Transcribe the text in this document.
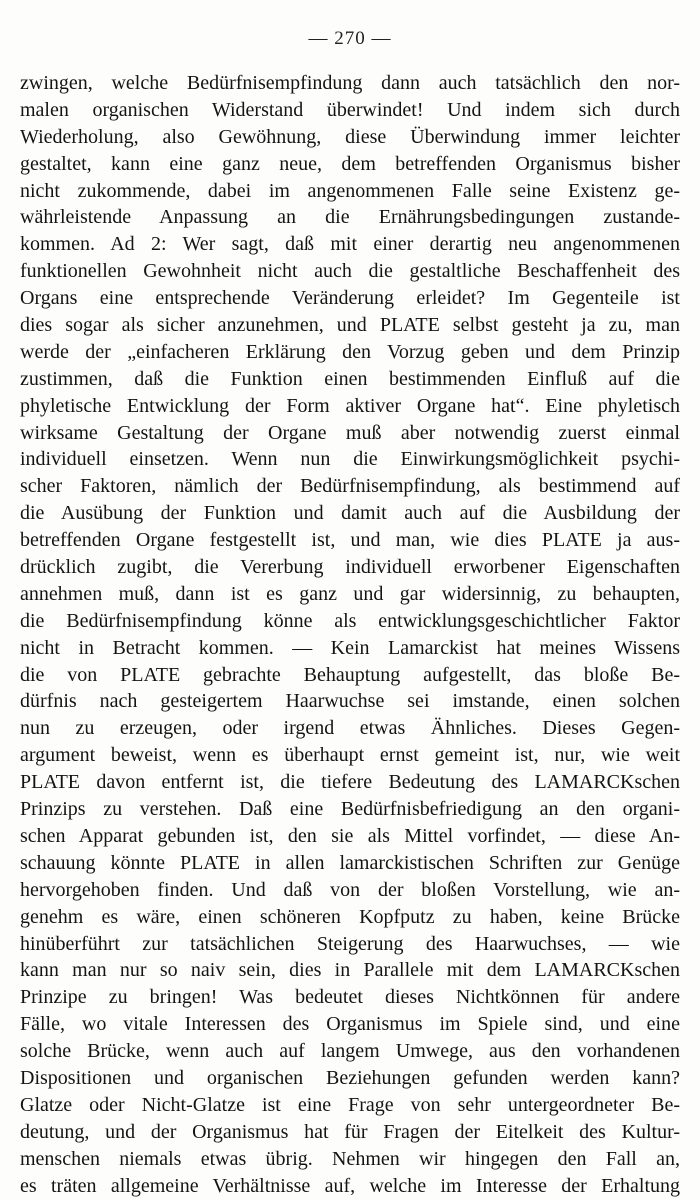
— 270 —
zwingen, welche Bedürfnisempfindung dann auch tatsächlich den nor-
malen organischen Widerstand überwindet! Und indem sich durch
Wiederholung, also Gewöhnung, diese Überwindung immer leichter
gestaltet, kann eine ganz neue, dem betreffenden Organismus bisher
nicht zukommende, dabei im angenommenen Falle seine Existenz ge-
währleistende Anpassung an die Ernährungsbedingungen zustande-
kommen. Ad 2: Wer sagt, daß mit einer derartig neu angenommenen
funktionellen Gewohnheit nicht auch die gestaltliche Beschaffenheit des
Organs eine entsprechende Veränderung erleidet? Im Gegenteile ist
dies sogar als sicher anzunehmen, und PLATE selbst gesteht ja zu, man
werde der „einfacheren Erklärung den Vorzug geben und dem Prinzip
zustimmen, daß die Funktion einen bestimmenden Einfluß auf die
phyletische Entwicklung der Form aktiver Organe hat“. Eine phyletisch
wirksame Gestaltung der Organe muß aber notwendig zuerst einmal
individuell einsetzen. Wenn nun die Einwirkungsmöglichkeit psychi-
scher Faktoren, nämlich der Bedürfnisempfindung, als bestimmend auf
die Ausübung der Funktion und damit auch auf die Ausbildung der
betreffenden Organe festgestellt ist, und man, wie dies PLATE ja aus-
drücklich zugibt, die Vererbung individuell erworbener Eigenschaften
annehmen muß, dann ist es ganz und gar widersinnig, zu behaupten,
die Bedürfnisempfindung könne als entwicklungsgeschichtlicher Faktor
nicht in Betracht kommen. — Kein Lamarckist hat meines Wissens
die von PLATE gebrachte Behauptung aufgestellt, das bloße Be-
dürfnis nach gesteigertem Haarwuchse sei imstande, einen solchen
nun zu erzeugen, oder irgend etwas Ähnliches. Dieses Gegen-
argument beweist, wenn es überhaupt ernst gemeint ist, nur, wie weit
PLATE davon entfernt ist, die tiefere Bedeutung des LAMARCKschen
Prinzips zu verstehen. Daß eine Bedürfnisbefriedigung an den organi-
schen Apparat gebunden ist, den sie als Mittel vorfindet, — diese An-
schauung könnte PLATE in allen lamarckistischen Schriften zur Genüge
hervorgehoben finden. Und daß von der bloßen Vorstellung, wie an-
genehm es wäre, einen schöneren Kopfputz zu haben, keine Brücke
hinüberführt zur tatsächlichen Steigerung des Haarwuchses, — wie
kann man nur so naiv sein, dies in Parallele mit dem LAMARCKschen
Prinzipe zu bringen! Was bedeutet dieses Nichtkönnen für andere
Fälle, wo vitale Interessen des Organismus im Spiele sind, und eine
solche Brücke, wenn auch auf langem Umwege, aus den vorhandenen
Dispositionen und organischen Beziehungen gefunden werden kann?
Glatze oder Nicht-Glatze ist eine Frage von sehr untergeordneter Be-
deutung, und der Organismus hat für Fragen der Eitelkeit des Kultur-
menschen niemals etwas übrig. Nehmen wir hingegen den Fall an,
es träten allgemeine Verhältnisse auf, welche im Interesse der Erhaltung
